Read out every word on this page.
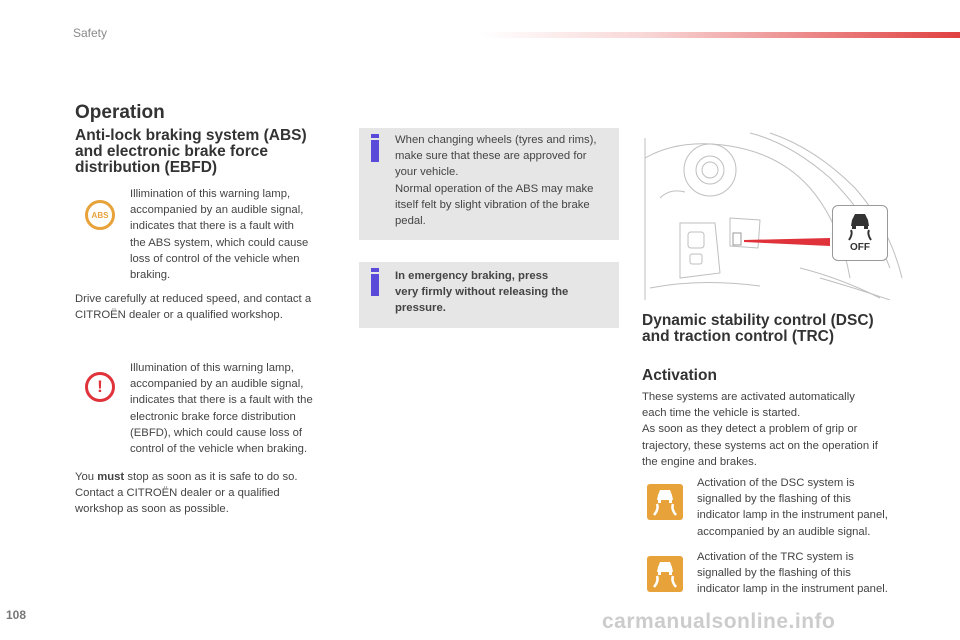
Safety
Operation
Anti-lock braking system (ABS)
and electronic brake force
distribution (EBFD)
ABS

Illimination of this warning lamp,
accompanied by an audible signal,
indicates that there is a fault with
the ABS system, which could cause
loss of control of the vehicle when
braking.

Drive carefully at reduced speed, and contact a
CITROËN dealer or a qualified workshop.

!

Illumination of this warning lamp,
accompanied by an audible signal,
indicates that there is a fault with the
electronic brake force distribution
(EBFD), which could cause loss of
control of the vehicle when braking.

You must stop as soon as it is safe to do so.
Contact a CITROËN dealer or a qualified
workshop as soon as possible.

When changing wheels (tyres and rims),
make sure that these are approved for
your vehicle.
Normal operation of the ABS may make
itself felt by slight vibration of the brake
pedal.

In emergency braking, press
very firmly without releasing the
pressure.

OFF
Dynamic stability control (DSC)
and traction control (TRC)
Activation

These systems are activated automatically
each time the vehicle is started.
As soon as they detect a problem of grip or
trajectory, these systems act on the operation if
the engine and brakes.

Activation of the DSC system is
signalled by the flashing of this
indicator lamp in the instrument panel,
accompanied by an audible signal.

Activation of the TRC system is
signalled by the flashing of this
indicator lamp in the instrument panel.

108	carmanualsonline.info
